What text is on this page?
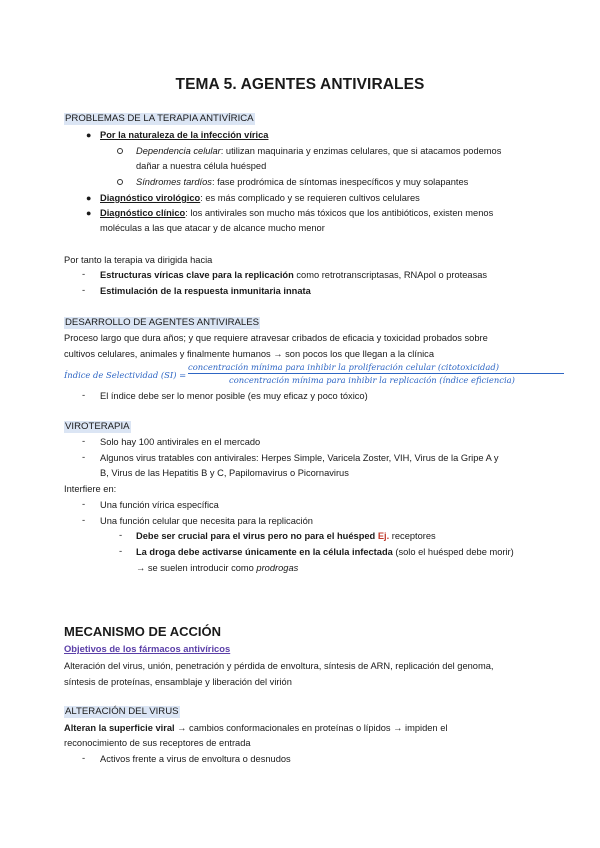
TEMA 5. AGENTES ANTIVIRALES
PROBLEMAS DE LA TERAPIA ANTIVÍRICA
● Por la naturaleza de la infección vírica
Dependencia celular: utilizan maquinaria y enzimas celulares, que si atacamos podemos
dañar a nuestra célula huésped
Síndromes tardíos: fase prodrómica de síntomas inespecíficos y muy solapantes
● Diagnóstico virológico: es más complicado y se requieren cultivos celulares
● Diagnóstico clínico: los antivirales son mucho más tóxicos que los antibióticos, existen menos
moléculas a las que atacar y de alcance mucho menor
Por tanto la terapia va dirigida hacia
- Estructuras víricas clave para la replicación como retrotranscriptasas, RNApol o proteasas
- Estimulación de la respuesta inmunitaria innata
DESARROLLO DE AGENTES ANTIVIRALES
Proceso largo que dura años; y que requiere atravesar cribados de eficacia y toxicidad probados sobre
cultivos celulares, animales y finalmente humanos → son pocos los que llegan a la clínica
Índice de Selectividad (SI) =
concentración mínima para inhibir la proliferación celular (citotoxicidad)
concentración mínima para inhibir la replicación (índice eficiencia)
- El índice debe ser lo menor posible (es muy eficaz y poco tóxico)
VIROTERAPIA
- Solo hay 100 antivirales en el mercado
- Algunos virus tratables con antivirales: Herpes Simple, Varicela Zoster, VIH, Virus de la Gripe A y
B, Virus de las Hepatitis B y C, Papilomavirus o Picornavirus
Interfiere en:
- Una función vírica específica
- Una función celular que necesita para la replicación
- Debe ser crucial para el virus pero no para el huésped Ej. receptores
- La droga debe activarse únicamente en la célula infectada (solo el huésped debe morir)
→ se suelen introducir como prodrogas
MECANISMO DE ACCIÓN
Objetivos de los fármacos antivíricos
Alteración del virus, unión, penetración y pérdida de envoltura, síntesis de ARN, replicación del genoma,
síntesis de proteínas, ensamblaje y liberación del virión
ALTERACIÓN DEL VIRUS
Alteran la superficie viral → cambios conformacionales en proteínas o lípidos → impiden el
reconocimiento de sus receptores de entrada
- Activos frente a virus de envoltura o desnudos
